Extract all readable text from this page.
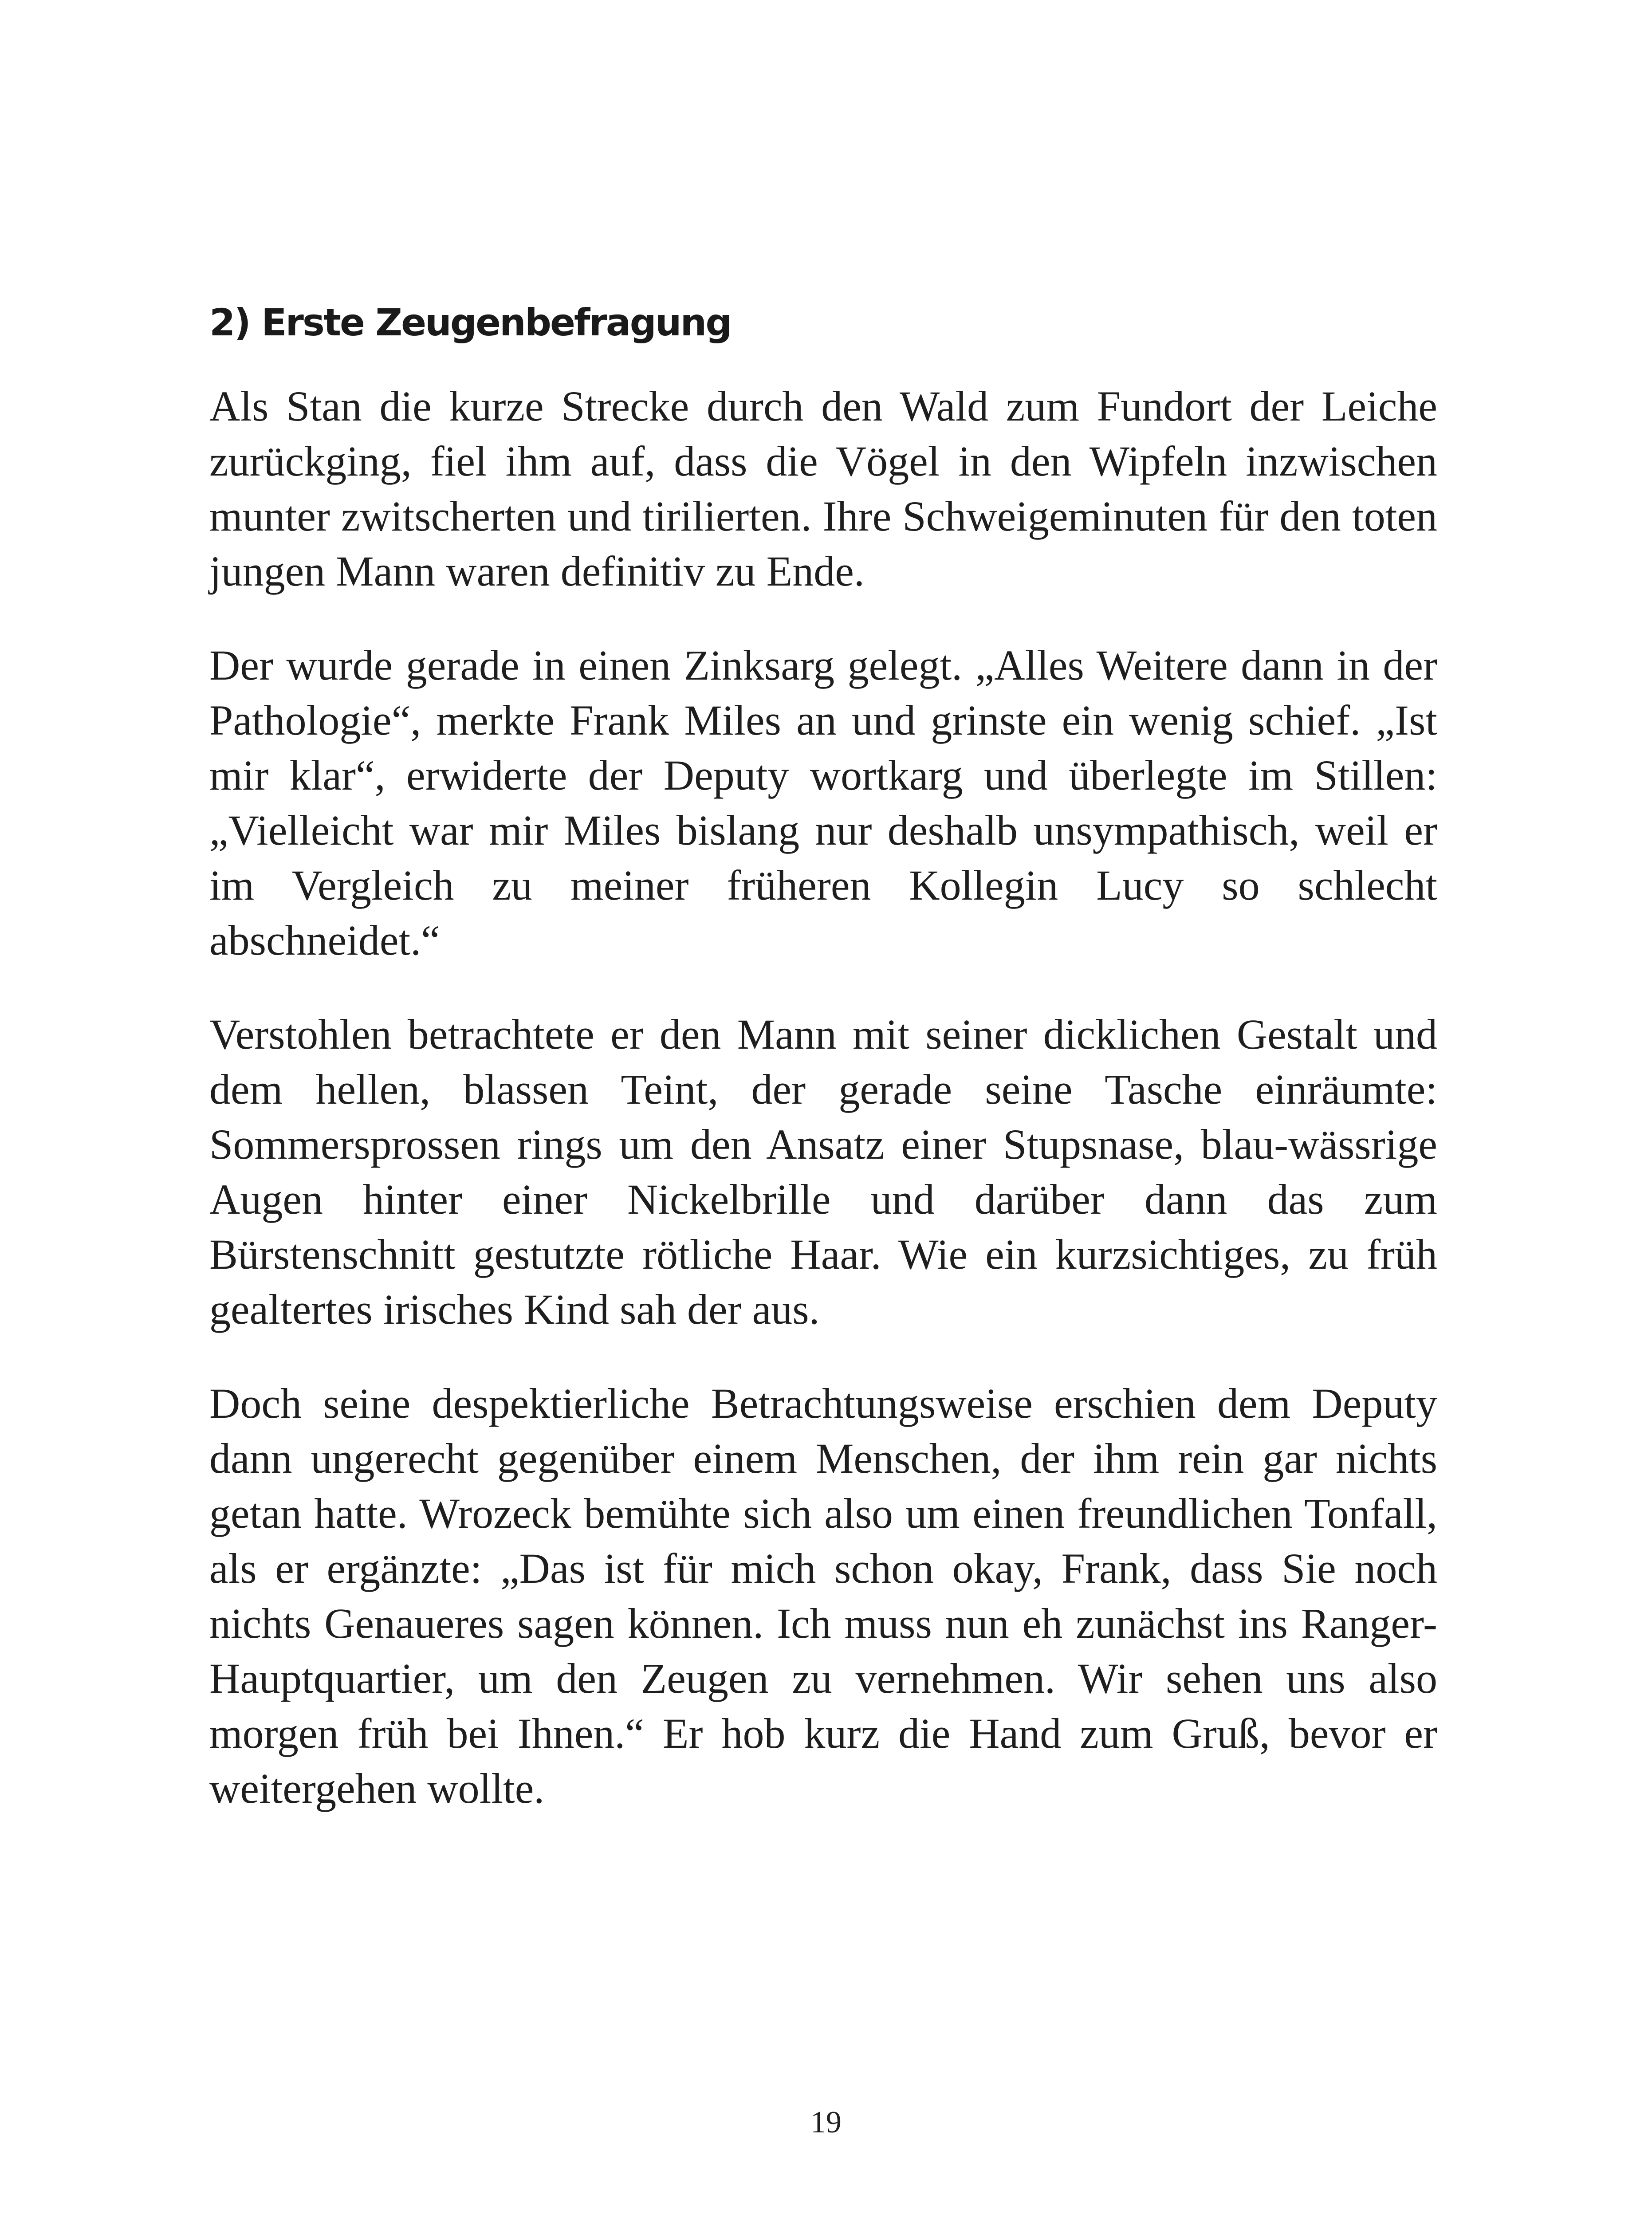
2) Erste Zeugenbefragung

Als Stan die kurze Strecke durch den Wald zum Fundort der Leiche zurückging, fiel ihm auf, dass die Vögel in den Wipfeln inzwischen munter zwitscherten und tirilierten. Ihre Schweigeminuten für den toten jungen Mann waren definitiv zu Ende.

Der wurde gerade in einen Zinksarg gelegt. „Alles Weitere dann in der Pathologie“, merkte Frank Miles an und grinste ein wenig schief. „Ist mir klar“, erwiderte der Deputy wortkarg und überlegte im Stillen: „Vielleicht war mir Miles bislang nur deshalb unsympathisch, weil er im Vergleich zu meiner früheren Kollegin Lucy so schlecht abschneidet.“

Verstohlen betrachtete er den Mann mit seiner dicklichen Gestalt und dem hellen, blassen Teint, der gerade seine Tasche einräumte: Sommersprossen rings um den Ansatz einer Stupsnase, blau-wässrige Augen hinter einer Nickelbrille und darüber dann das zum Bürstenschnitt gestutzte rötliche Haar. Wie ein kurzsichtiges, zu früh gealtertes irisches Kind sah der aus.

Doch seine despektierliche Betrachtungsweise erschien dem Deputy dann ungerecht gegenüber einem Menschen, der ihm rein gar nichts getan hatte. Wrozeck bemühte sich also um einen freundlichen Tonfall, als er ergänzte: „Das ist für mich schon okay, Frank, dass Sie noch nichts Genaueres sagen können. Ich muss nun eh zunächst ins Ranger-Hauptquartier, um den Zeugen zu vernehmen. Wir sehen uns also morgen früh bei Ihnen.“ Er hob kurz die Hand zum Gruß, bevor er weitergehen wollte.

19
